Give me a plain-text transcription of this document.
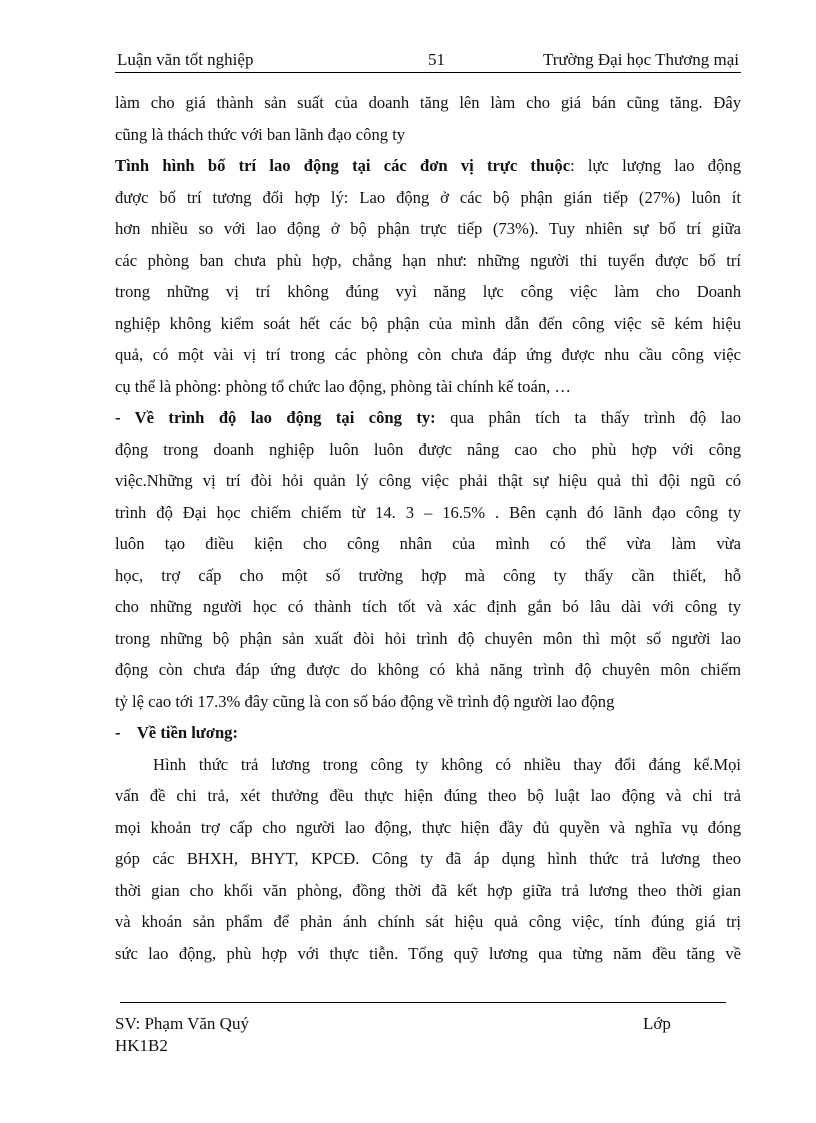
Luận văn tốt nghiệp	51	Trường Đại học Thương mại
làm cho giá thành sản suất của doanh tăng lên làm cho giá bán cũng tăng. Đây
cũng là thách thức với ban lãnh đạo công ty
Tình hình bố trí lao động tại các đơn vị trực thuộc: lực lượng lao động
được bố trí tương đối hợp lý: Lao động ở các bộ phận gián tiếp (27%) luôn ít
hơn nhiều so với lao động ở bộ phận trực tiếp (73%). Tuy nhiên sự bố trí giữa
các phòng ban chưa phù hợp, chẳng hạn như: những người thi tuyển được bố trí
trong những vị trí không đúng vyì năng lực công việc làm cho Doanh
nghiệp không kiểm soát hết các bộ phận của mình dẫn đến công việc sẽ kém hiệu
quả, có một vài vị trí trong các phòng còn chưa đáp ứng được nhu cầu công việc
cụ thể là phòng: phòng tổ chức lao động, phòng tài chính kế toán, …
- Về trình độ lao động tại công ty: qua phân tích ta thấy trình độ lao
động trong doanh nghiệp luôn luôn được nâng cao cho phù hợp với công
việc.Những vị trí đòi hỏi quản lý công việc phải thật sự hiệu quả thì đội ngũ có
trình độ Đại học chiếm chiếm từ 14. 3 – 16.5% . Bên cạnh đó lãnh đạo công ty
luôn tạo điều kiện cho công nhân của mình có thể vừa làm vừa
học, trợ cấp cho một số trường hợp mà công ty thấy cần thiết, hỗ
cho những người học có thành tích tốt và xác định gắn bó lâu dài với công ty
trong những bộ phận sản xuất đòi hỏi trình độ chuyên môn thì một số người lao
động còn chưa đáp ứng được do không có khả năng trình độ chuyên môn chiếm
tỷ lệ cao tới 17.3% đây cũng là con số báo động về trình độ người lao động
-    Về tiền lương:
Hình thức trả lương trong công ty không có nhiều thay đổi đáng kể.Mọi
vấn đề chi trả, xét thưởng đều thực hiện đúng theo bộ luật lao động và chi trả
mọi khoản trợ cấp cho người lao động, thực hiện đầy đủ quyền và nghĩa vụ đóng
góp các BHXH, BHYT, KPCĐ. Công ty đã áp dụng hình thức trả lương theo
thời gian cho khối văn phòng, đồng thời đã kết hợp giữa trả lương theo thời gian
và khoán sản phẩm để phản ánh chính sát hiệu quả công việc, tính đúng giá trị
sức lao động, phù hợp với thực tiễn. Tổng quỹ lương qua từng năm đều tăng về
SV: Phạm Văn Quý	Lớp
HK1B2
